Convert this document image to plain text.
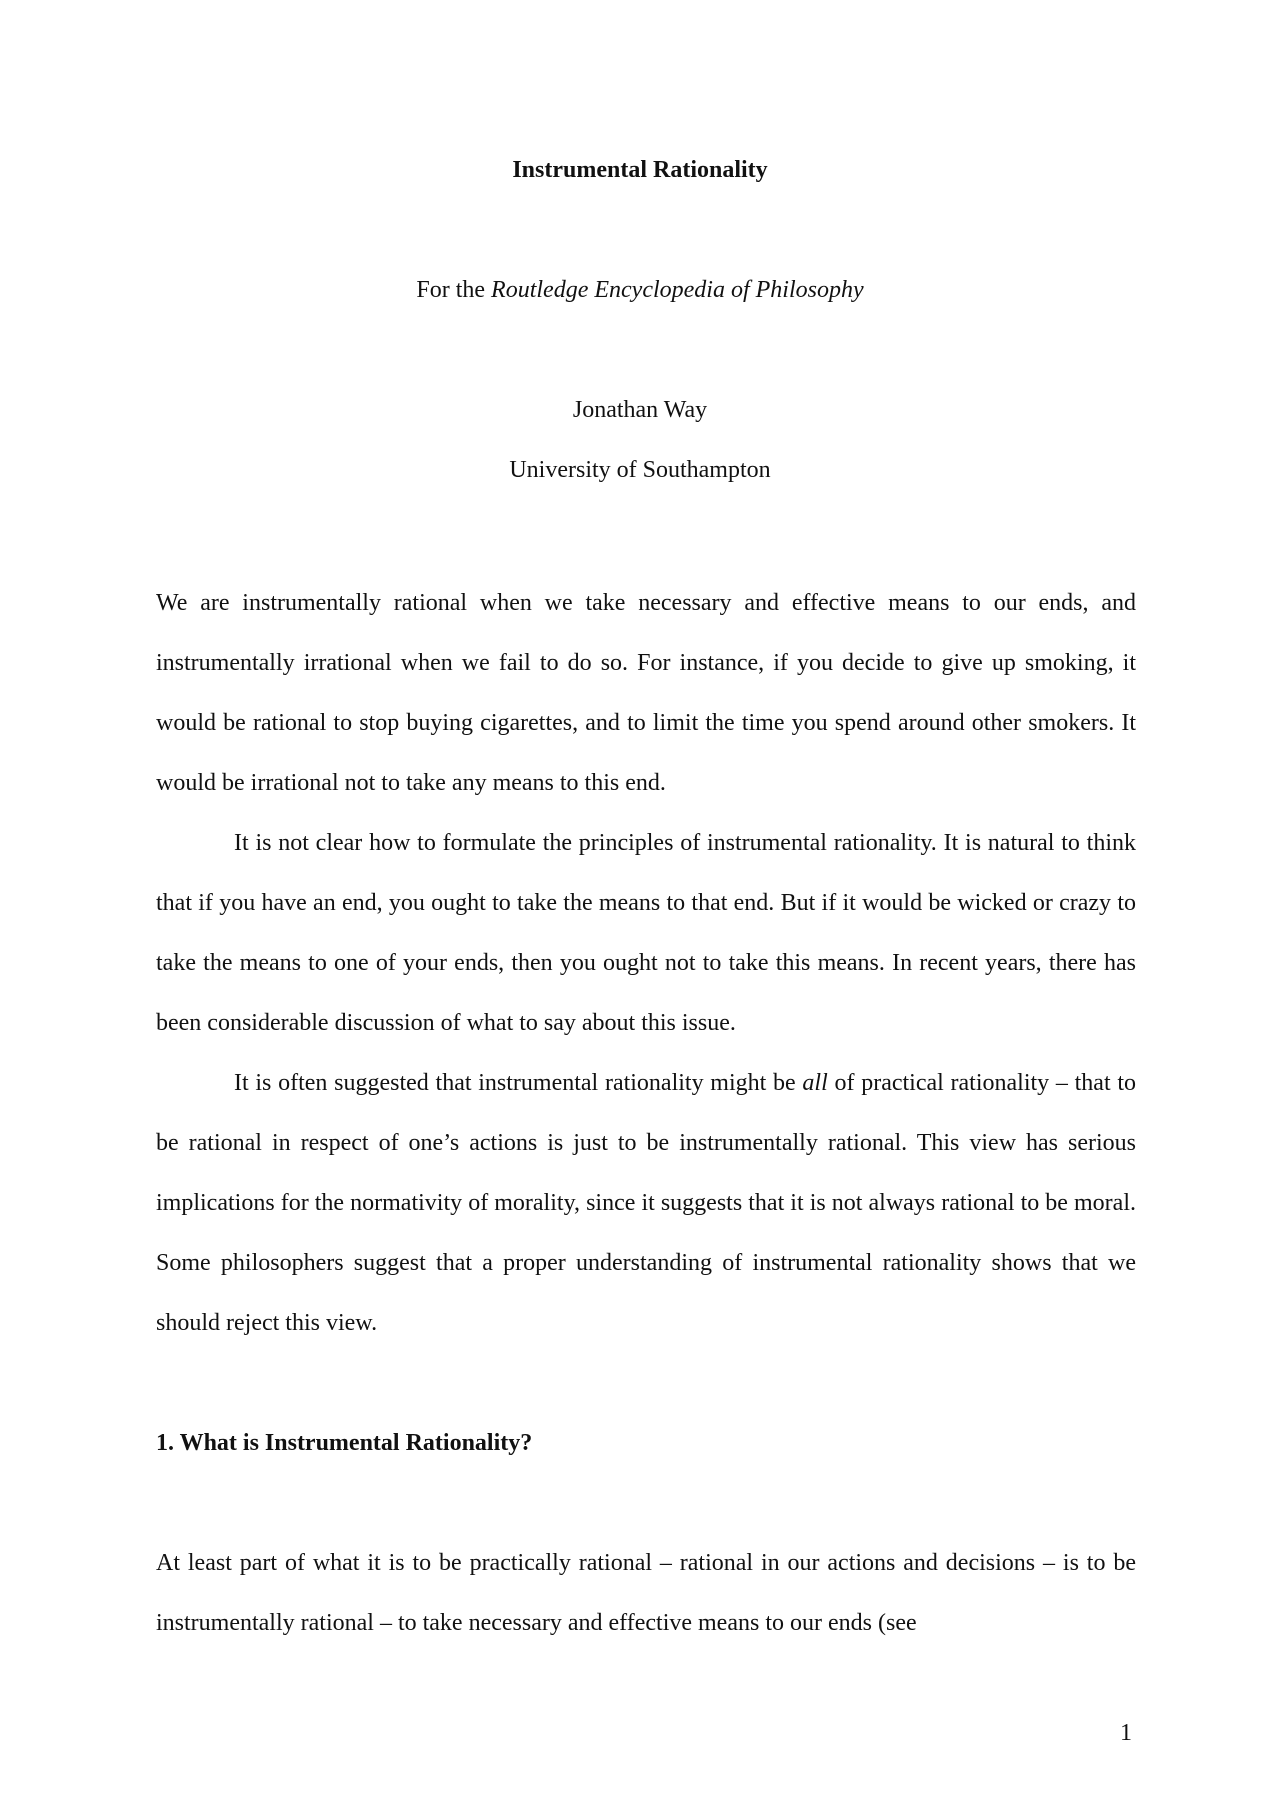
Instrumental Rationality
For the Routledge Encyclopedia of Philosophy
Jonathan Way
University of Southampton

We are instrumentally rational when we take necessary and effective means to our ends, and instrumentally irrational when we fail to do so. For instance, if you decide to give up smoking, it would be rational to stop buying cigarettes, and to limit the time you spend around other smokers. It would be irrational not to take any means to this end.

It is not clear how to formulate the principles of instrumental rationality. It is natural to think that if you have an end, you ought to take the means to that end. But if it would be wicked or crazy to take the means to one of your ends, then you ought not to take this means. In recent years, there has been considerable discussion of what to say about this issue.

It is often suggested that instrumental rationality might be all of practical rationality – that to be rational in respect of one’s actions is just to be instrumentally rational. This view has serious implications for the normativity of morality, since it suggests that it is not always rational to be moral. Some philosophers suggest that a proper understanding of instrumental rationality shows that we should reject this view.

1. What is Instrumental Rationality?

At least part of what it is to be practically rational – rational in our actions and decisions – is to be instrumentally rational – to take necessary and effective means to our ends (see

1
